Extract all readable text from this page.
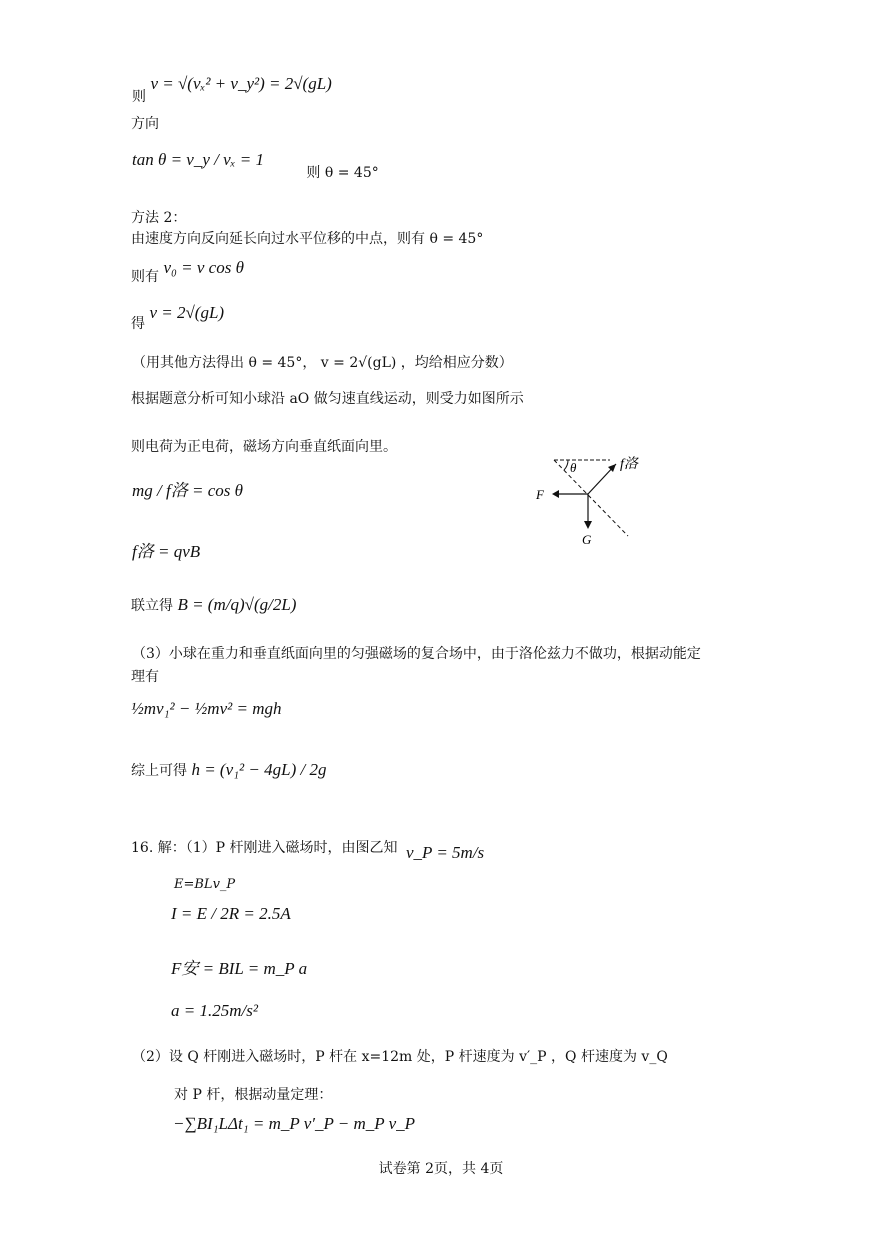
则 v = √(vₓ² + v_y²) = 2√(gL)
方向
tan θ = v_y / vₓ = 1 则 θ = 45°
方法 2：
由速度方向反向延长向过水平位移的中点，则有 θ = 45°
则有 v₀ = v cos θ
得 v = 2√(gL)
（用其他方法得出 θ = 45°， v = 2√(gL) ，均给相应分数）
根据题意分析可知小球沿 aO 做匀速直线运动，则受力如图所示
则电荷为正电荷，磁场方向垂直纸面向里。
θ	f洛
F
G
mg / f洛 = cos θ
f洛 = qvB
联立得 B = (m/q)√(g/2L)
（3）小球在重力和垂直纸面向里的匀强磁场的复合场中，由于洛伦兹力不做功，根据动能定
理有
½mv₁² − ½mv² = mgh
综上可得 h = (v₁² − 4gL) / 2g
16. 解：（1）P 杆刚进入磁场时，由图乙知 v_P = 5m/s
E=BLv_P
I = E / 2R = 2.5A
F安 = BIL = m_P a
a = 1.25m/s²
（2）设 Q 杆刚进入磁场时，P 杆在 x=12m 处，P 杆速度为 v′_P ，Q 杆速度为 v_Q
对 P 杆，根据动量定理：
−∑BI₁LΔt₁ = m_P v′_P − m_P v_P
试卷第 2页，共 4页
